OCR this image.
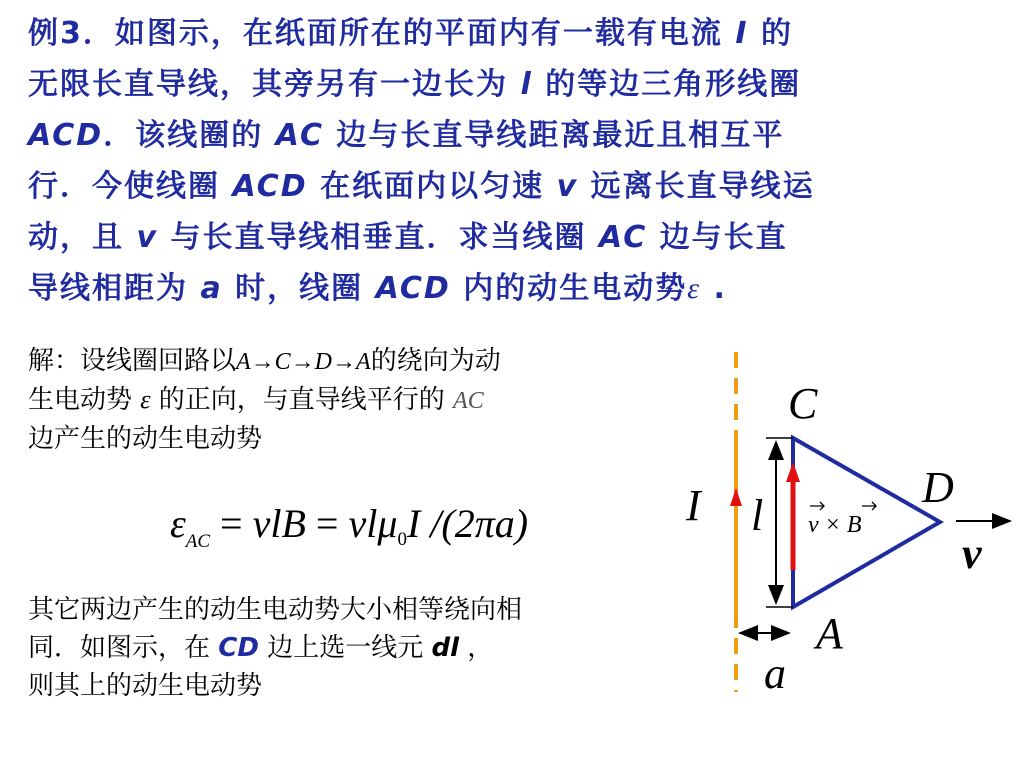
例3．如图示，在纸面所在的平面内有一载有电流 I 的

无限长直导线，其旁另有一边长为 l 的等边三角形线圈

ACD．该线圈的 AC 边与长直导线距离最近且相互平

行．今使线圈 ACD 在纸面内以匀速 v 远离长直导线运

动，且 v 与长直导线相垂直．求当线圈 AC 边与长直

导线相距为 a 时，线圈 ACD 内的动生电动势ε .

解：设线圈回路以A→C→D→A的绕向为动

生电动势 ε 的正向，与直导线平行的 AC

边产生的动生电动势

$\varepsilon_{AC}$ = vlB = vlμ$_0$I /(2πa)

其它两边产生的动生电动势大小相等绕向相

同．如图示，在 CD 边上选一线元 dl ，

则其上的动生电动势

C
D
A
I l
a
v
v × B
